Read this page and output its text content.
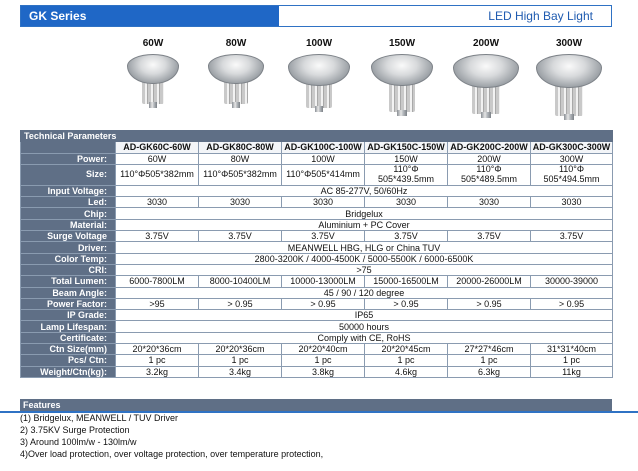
GK Series	LED High Bay Light
60W	80W	100W	150W	200W	300W
Technical Parameters						
	AD-GK60C-60W	AD-GK80C-80W	AD-GK100C-100W	AD-GK150C-150W	AD-GK200C-200W	AD-GK300C-300W
Power:	60W	80W	100W	150W	200W	300W
Size:	110°Φ505*382mm	110°Φ505*382mm	110°Φ505*414mm	110°Φ 505*439.5mm	110°Φ 505*489.5mm	110°Φ 505*494.5mm
Input Voltage:	AC 85-277V, 50/60Hz					
Led:	3030	3030	3030	3030	3030	3030
Chip:	Bridgelux					
Material:	Aluminium + PC Cover					
Surge Voltage	3.75V	3.75V	3.75V	3.75V	3.75V	3.75V
Driver:	MEANWELL HBG, HLG or China TUV					
Color Temp:	2800-3200K / 4000-4500K / 5000-5500K / 6000-6500K					
CRI:	>75					
Total Lumen:	6000-7800LM	8000-10400LM	10000-13000LM	15000-16500LM	20000-26000LM	30000-39000
Beam Angle:	45 / 90 / 120 degree					
Power Factor:	>95	> 0.95	> 0.95	> 0.95	> 0.95	> 0.95
IP Grade:	IP65					
Lamp Lifespan:	50000 hours					
Certificate:	Comply with CE, RoHS					
Ctn Size(mm)	20*20*36cm	20*20*36cm	20*20*40cm	20*20*45cm	27*27*46cm	31*31*40cm
Pcs/ Ctn:	1 pc	1 pc	1 pc	1 pc	1 pc	1 pc
Weight/Ctn(kg):	3.2kg	3.4kg	3.8kg	4.6kg	6.3kg	11kg
Features
(1) Bridgelux, MEANWELL / TUV Driver
2) 3.75KV Surge Protection
3) Around 100lm/w - 130lm/w
4)Over load protection, over voltage protection, over temperature protection,
